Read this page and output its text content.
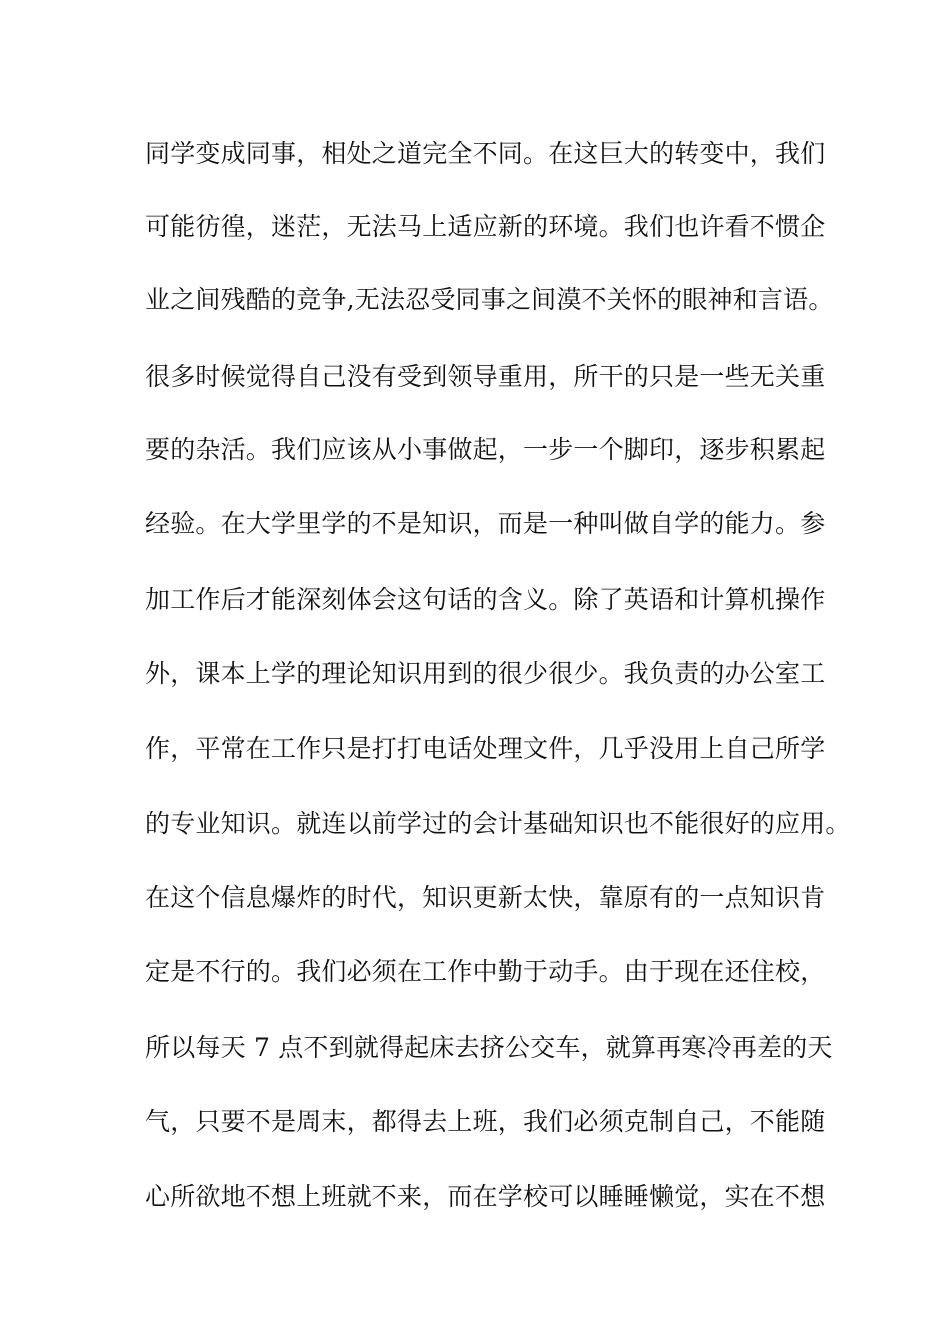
同学变成同事，相处之道完全不同。在这巨大的转变中，我们
可能彷徨，迷茫，无法马上适应新的环境。我们也许看不惯企
业之间残酷的竞争,无法忍受同事之间漠不关怀的眼神和言语。
很多时候觉得自己没有受到领导重用，所干的只是一些无关重
要的杂活。我们应该从小事做起，一步一个脚印，逐步积累起
经验。在大学里学的不是知识，而是一种叫做自学的能力。参
加工作后才能深刻体会这句话的含义。除了英语和计算机操作
外，课本上学的理论知识用到的很少很少。我负责的办公室工
作，平常在工作只是打打电话处理文件，几乎没用上自己所学
的专业知识。就连以前学过的会计基础知识也不能很好的应用。
在这个信息爆炸的时代，知识更新太快，靠原有的一点知识肯
定是不行的。我们必须在工作中勤于动手。由于现在还住校，
所以每天 7 点不到就得起床去挤公交车，就算再寒冷再差的天
气，只要不是周末，都得去上班，我们必须克制自己，不能随
心所欲地不想上班就不来，而在学校可以睡睡懒觉，实在不想
